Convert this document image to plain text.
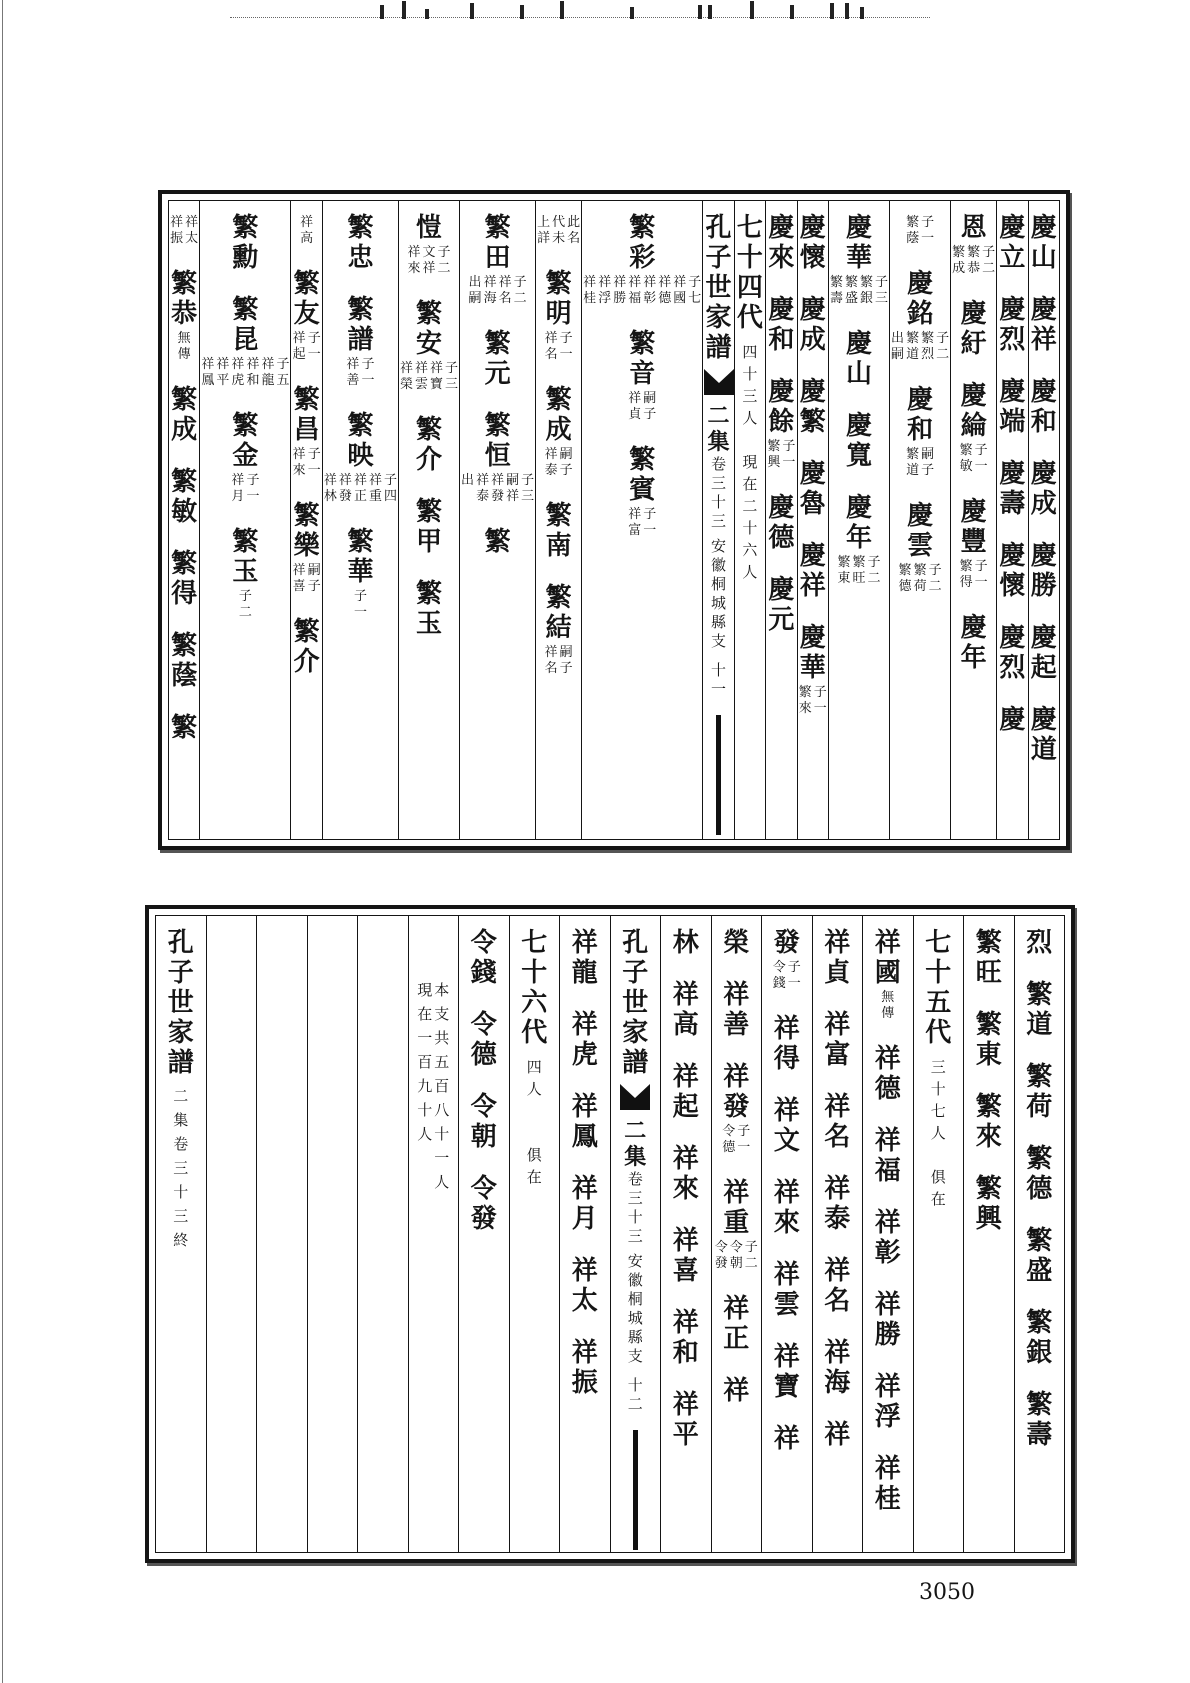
慶
山
慶
祥
慶
和
慶
成
慶
勝
慶
起
慶
道
慶
立
慶
烈
慶
端
慶
壽
慶
懷
慶
烈
慶
恩
子
二
繁
恭
繁
成
慶
紆
慶
綸
子
一
繁
敏
慶
豐
子
一
繁
得
慶
年
子
一
繁
蔭
慶
銘
子
二
繁
烈
繁
道
出
嗣
慶
和
嗣
子
繁
道
慶
雲
子
二
繁
荷
繁
德
慶
華
子
三
繁
銀
繁
盛
繁
壽
慶
山
慶
寬
慶
年
子
二
繁
旺
繁
東
慶
懷
慶
成
慶
繁
慶
魯
慶
祥
慶
華
子
一
繁
來
慶
來
慶
和
慶
餘
子
一
繁
興
慶
德
慶
元
七
十
四
代
四
十
三
人
現
在
二
十
六
人
孔
子
世
家
譜
二
集
卷
三
十
三
安
徽
桐
城
縣
支
十
一
繁
彩
子
七
祥
國
祥
德
祥
彰
祥
福
祥
勝
祥
浮
祥
桂
繁
音
嗣
子
祥
貞
繁
賓
子
一
祥
富
此
名
代
未
上
詳
繁
明
子
一
祥
名
繁
成
嗣
子
祥
泰
繁
南
繁
結
嗣
子
祥
名
繁
田
子
二
祥
名
祥
海
出
嗣
繁
元
繁
恒
子
三
嗣
祥
祥
發
祥
泰
出
繁
愷
子
二
文
祥
祥
來
繁
安
子
三
祥
寶
祥
雲
祥
榮
繁
介
繁
甲
繁
玉
繁
忠
繁
譜
子
一
祥
善
繁
映
子
四
祥
重
祥
正
祥
發
祥
林
繁
華
子
一
祥
高
繁
友
子
一
祥
起
繁
昌
子
一
祥
來
繁
樂
嗣
子
祥
喜
繁
介
繁
勳
繁
昆
子
五
祥
龍
祥
和
祥
虎
祥
平
祥
鳳
繁
金
子
一
祥
月
繁
玉
子
二
祥
太
祥
振
繁
恭
無
傳
繁
成
繁
敏
繁
得
繁
蔭
繁
烈
繁
道
繁
荷
繁
德
繁
盛
繁
銀
繁
壽
繁
旺
繁
東
繁
來
繁
興
七
十
五
代
三
十
七
人
俱
在
祥
國
無
傳
祥
德
祥
福
祥
彰
祥
勝
祥
浮
祥
桂
祥
貞
祥
富
祥
名
祥
泰
祥
名
祥
海
祥
發
子
一
令
錢
祥
得
祥
文
祥
來
祥
雲
祥
寶
祥
榮
祥
善
祥
發
子
一
令
德
祥
重
子
二
令
朝
令
發
祥
正
祥
林
祥
高
祥
起
祥
來
祥
喜
祥
和
祥
平
孔
子
世
家
譜
二
集
卷
三
十
三
安
徽
桐
城
縣
支
十
二
祥
龍
祥
虎
祥
鳳
祥
月
祥
太
祥
振
七
十
六
代
四
人
俱
在
令
錢
令
德
令
朝
令
發
本
支
共
五
百
八
十
一
人
現
在
一
百
九
十
人
孔
子
世
家
譜
二
集
卷
三
十
三
終
3050
